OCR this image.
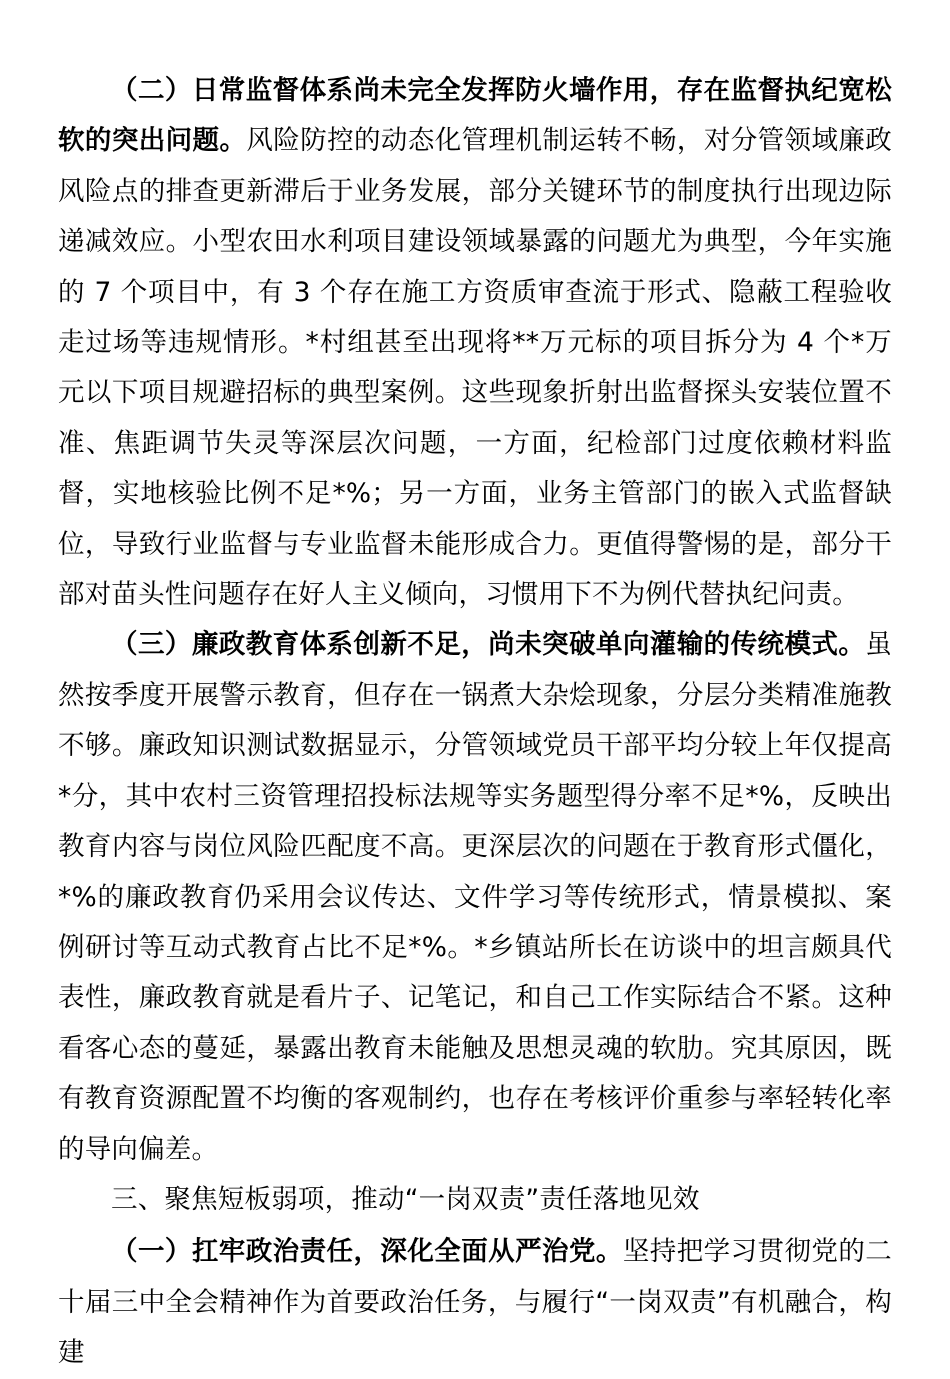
（二）日常监督体系尚未完全发挥防火墙作用，存在监督执纪宽松软的突出问题。风险防控的动态化管理机制运转不畅，对分管领域廉政风险点的排查更新滞后于业务发展，部分关键环节的制度执行出现边际递减效应。小型农田水利项目建设领域暴露的问题尤为典型，今年实施的 7 个项目中，有 3 个存在施工方资质审查流于形式、隐蔽工程验收走过场等违规情形。*村组甚至出现将**万元标的项目拆分为 4 个*万元以下项目规避招标的典型案例。这些现象折射出监督探头安装位置不准、焦距调节失灵等深层次问题，一方面，纪检部门过度依赖材料监督，实地核验比例不足*%；另一方面，业务主管部门的嵌入式监督缺位，导致行业监督与专业监督未能形成合力。更值得警惕的是，部分干部对苗头性问题存在好人主义倾向，习惯用下不为例代替执纪问责。

（三）廉政教育体系创新不足，尚未突破单向灌输的传统模式。虽然按季度开展警示教育，但存在一锅煮大杂烩现象，分层分类精准施教不够。廉政知识测试数据显示，分管领域党员干部平均分较上年仅提高*分，其中农村三资管理招投标法规等实务题型得分率不足*%，反映出教育内容与岗位风险匹配度不高。更深层次的问题在于教育形式僵化，*%的廉政教育仍采用会议传达、文件学习等传统形式，情景模拟、案例研讨等互动式教育占比不足*%。*乡镇站所长在访谈中的坦言颇具代表性，廉政教育就是看片子、记笔记，和自己工作实际结合不紧。这种看客心态的蔓延，暴露出教育未能触及思想灵魂的软肋。究其原因，既有教育资源配置不均衡的客观制约，也存在考核评价重参与率轻转化率的导向偏差。

三、聚焦短板弱项，推动“一岗双责”责任落地见效

（一）扛牢政治责任，深化全面从严治党。坚持把学习贯彻党的二十届三中全会精神作为首要政治任务，与履行“一岗双责”有机融合，构建
